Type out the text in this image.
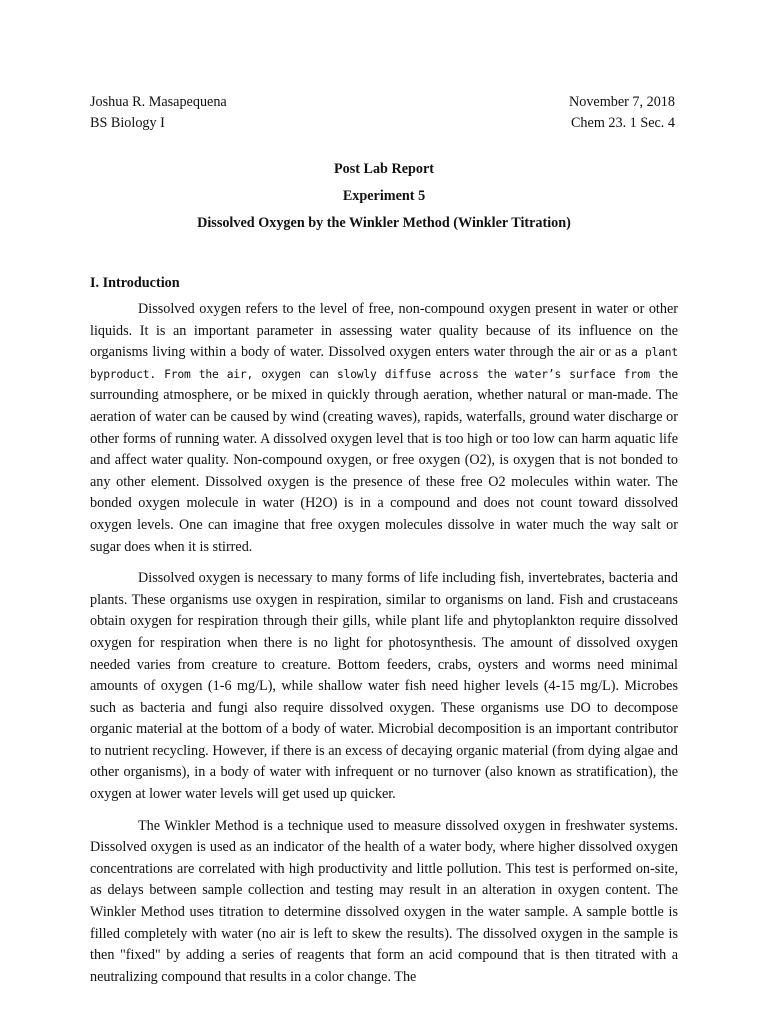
Joshua R. Masapequena
BS Biology I
November 7, 2018
Chem 23. 1 Sec. 4
Post Lab Report
Experiment 5
Dissolved Oxygen by the Winkler Method (Winkler Titration)
I. Introduction

Dissolved oxygen refers to the level of free, non-compound oxygen present in water or other liquids. It is an important parameter in assessing water quality because of its influence on the organisms living within a body of water. Dissolved oxygen enters water through the air or as a plant byproduct. From the air, oxygen can slowly diffuse across the water’s surface from the surrounding atmosphere, or be mixed in quickly through aeration, whether natural or man-made. The aeration of water can be caused by wind (creating waves), rapids, waterfalls, ground water discharge or other forms of running water. A dissolved oxygen level that is too high or too low can harm aquatic life and affect water quality. Non-compound oxygen, or free oxygen (O2), is oxygen that is not bonded to any other element. Dissolved oxygen is the presence of these free O2 molecules within water. The bonded oxygen molecule in water (H2O) is in a compound and does not count toward dissolved oxygen levels. One can imagine that free oxygen molecules dissolve in water much the way salt or sugar does when it is stirred.

Dissolved oxygen is necessary to many forms of life including fish, invertebrates, bacteria and plants. These organisms use oxygen in respiration, similar to organisms on land. Fish and crustaceans obtain oxygen for respiration through their gills, while plant life and phytoplankton require dissolved oxygen for respiration when there is no light for photosynthesis. The amount of dissolved oxygen needed varies from creature to creature. Bottom feeders, crabs, oysters and worms need minimal amounts of oxygen (1-6 mg/L), while shallow water fish need higher levels (4-15 mg/L). Microbes such as bacteria and fungi also require dissolved oxygen. These organisms use DO to decompose organic material at the bottom of a body of water. Microbial decomposition is an important contributor to nutrient recycling. However, if there is an excess of decaying organic material (from dying algae and other organisms), in a body of water with infrequent or no turnover (also known as stratification), the oxygen at lower water levels will get used up quicker.

The Winkler Method is a technique used to measure dissolved oxygen in freshwater systems. Dissolved oxygen is used as an indicator of the health of a water body, where higher dissolved oxygen concentrations are correlated with high productivity and little pollution. This test is performed on-site, as delays between sample collection and testing may result in an alteration in oxygen content. The Winkler Method uses titration to determine dissolved oxygen in the water sample. A sample bottle is filled completely with water (no air is left to skew the results). The dissolved oxygen in the sample is then "fixed" by adding a series of reagents that form an acid compound that is then titrated with a neutralizing compound that results in a color change. The
